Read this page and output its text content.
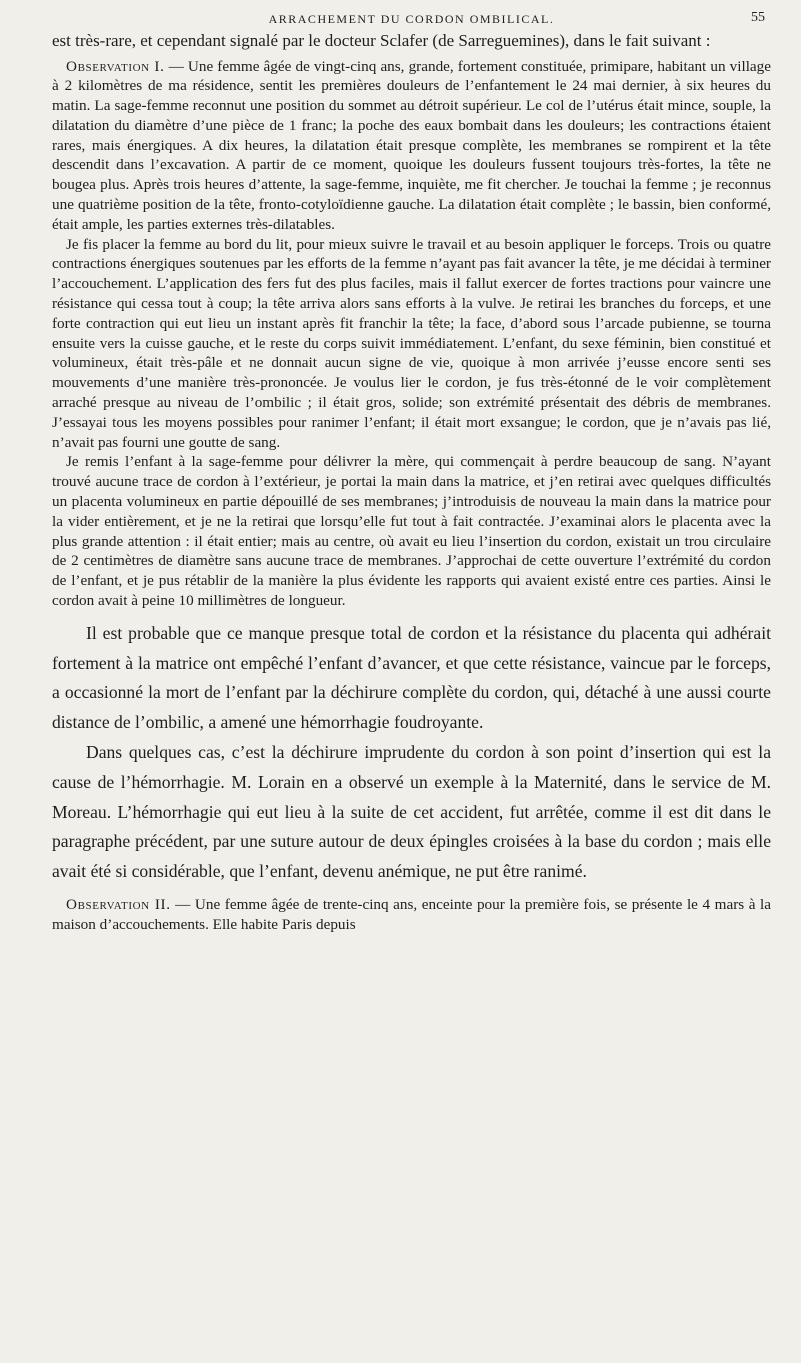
ARRACHEMENT DU CORDON OMBILICAL.	55

est très-rare, et cependant signalé par le docteur Sclafer (de Sarreguemines), dans le fait suivant :

Observation I. — Une femme âgée de vingt-cinq ans, grande, fortement constituée, primipare, habitant un village à 2 kilomètres de ma résidence, sentit les premières douleurs de l’enfantement le 24 mai dernier, à six heures du matin. La sage-femme reconnut une position du sommet au détroit supérieur. Le col de l’utérus était mince, souple, la dilatation du diamètre d’une pièce de 1 franc; la poche des eaux bombait dans les douleurs; les contractions étaient rares, mais énergiques. A dix heures, la dilatation était presque complète, les membranes se rompirent et la tête descendit dans l’excavation. A partir de ce moment, quoique les douleurs fussent toujours très-fortes, la tête ne bougea plus. Après trois heures d’attente, la sage-femme, inquiète, me fit chercher. Je touchai la femme ; je reconnus une quatrième position de la tête, fronto-cotyloïdienne gauche. La dilatation était complète ; le bassin, bien conformé, était ample, les parties externes très-dilatables.

Je fis placer la femme au bord du lit, pour mieux suivre le travail et au besoin appliquer le forceps. Trois ou quatre contractions énergiques soutenues par les efforts de la femme n’ayant pas fait avancer la tête, je me décidai à terminer l’accouchement. L’application des fers fut des plus faciles, mais il fallut exercer de fortes tractions pour vaincre une résistance qui cessa tout à coup; la tête arriva alors sans efforts à la vulve. Je retirai les branches du forceps, et une forte contraction qui eut lieu un instant après fit franchir la tête; la face, d’abord sous l’arcade pubienne, se tourna ensuite vers la cuisse gauche, et le reste du corps suivit immédiatement. L’enfant, du sexe féminin, bien constitué et volumineux, était très-pâle et ne donnait aucun signe de vie, quoique à mon arrivée j’eusse encore senti ses mouvements d’une manière très-prononcée. Je voulus lier le cordon, je fus très-étonné de le voir complètement arraché presque au niveau de l’ombilic ; il était gros, solide; son extrémité présentait des débris de membranes. J’essayai tous les moyens possibles pour ranimer l’enfant; il était mort exsangue; le cordon, que je n’avais pas lié, n’avait pas fourni une goutte de sang.

Je remis l’enfant à la sage-femme pour délivrer la mère, qui commençait à perdre beaucoup de sang. N’ayant trouvé aucune trace de cordon à l’extérieur, je portai la main dans la matrice, et j’en retirai avec quelques difficultés un placenta volumineux en partie dépouillé de ses membranes; j’introduisis de nouveau la main dans la matrice pour la vider entièrement, et je ne la retirai que lorsqu’elle fut tout à fait contractée. J’examinai alors le placenta avec la plus grande attention : il était entier; mais au centre, où avait eu lieu l’insertion du cordon, existait un trou circulaire de 2 centimètres de diamètre sans aucune trace de membranes. J’approchai de cette ouverture l’extrémité du cordon de l’enfant, et je pus rétablir de la manière la plus évidente les rapports qui avaient existé entre ces parties. Ainsi le cordon avait à peine 10 millimètres de longueur.

Il est probable que ce manque presque total de cordon et la résistance du placenta qui adhérait fortement à la matrice ont empêché l’enfant d’avancer, et que cette résistance, vaincue par le forceps, a occasionné la mort de l’enfant par la déchirure complète du cordon, qui, détaché à une aussi courte distance de l’ombilic, a amené une hémorrhagie foudroyante.

Dans quelques cas, c’est la déchirure imprudente du cordon à son point d’insertion qui est la cause de l’hémorrhagie. M. Lorain en a observé un exemple à la Maternité, dans le service de M. Moreau. L’hémorrhagie qui eut lieu à la suite de cet accident, fut arrêtée, comme il est dit dans le paragraphe précédent, par une suture autour de deux épingles croisées à la base du cordon ; mais elle avait été si considérable, que l’enfant, devenu anémique, ne put être ranimé.

Observation II. — Une femme âgée de trente-cinq ans, enceinte pour la première fois, se présente le 4 mars à la maison d’accouchements. Elle habite Paris depuis
